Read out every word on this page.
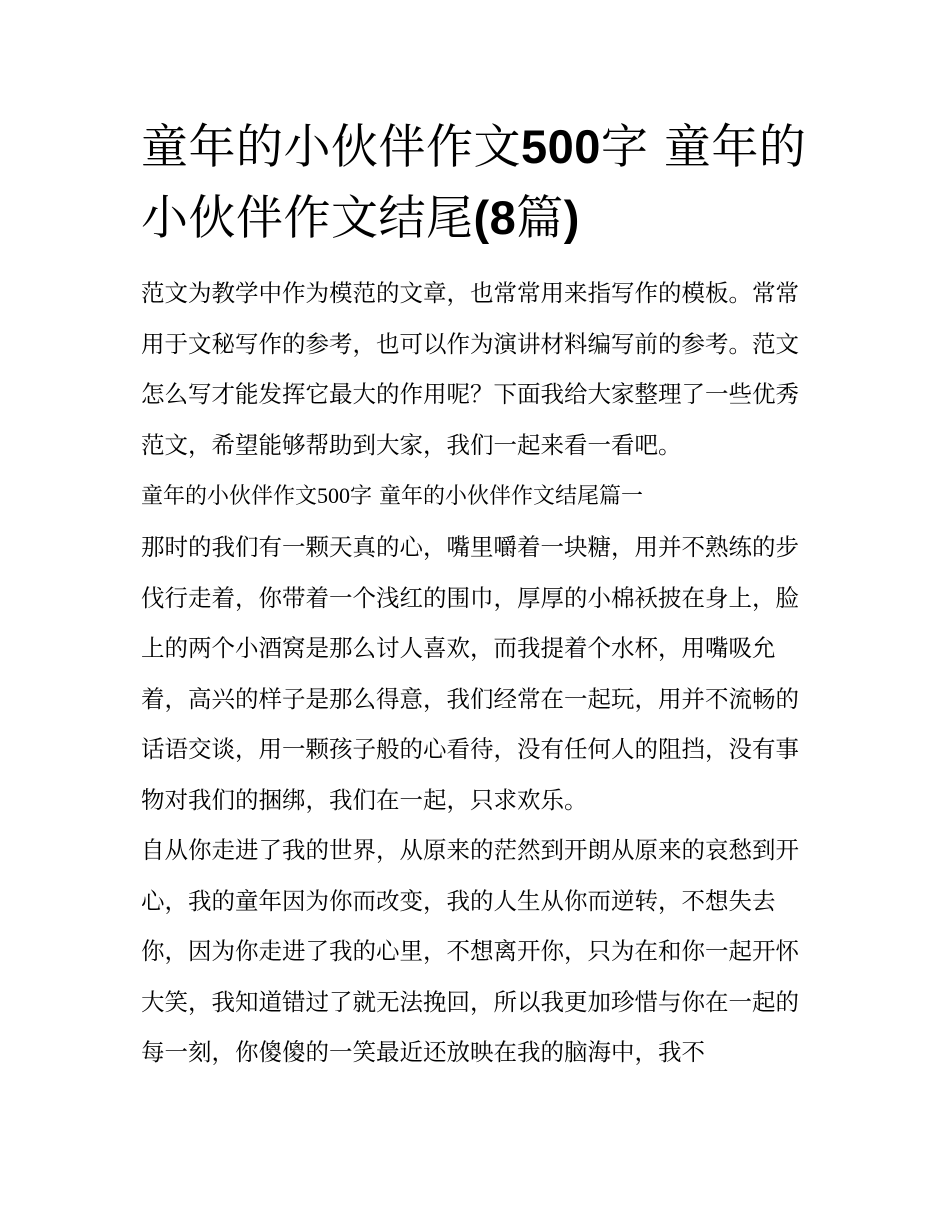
童年的小伙伴作文500字 童年的小伙伴作文结尾(8篇)

范文为教学中作为模范的文章，也常常用来指写作的模板。常常用于文秘写作的参考，也可以作为演讲材料编写前的参考。范文怎么写才能发挥它最大的作用呢？下面我给大家整理了一些优秀范文，希望能够帮助到大家，我们一起来看一看吧。

童年的小伙伴作文500字 童年的小伙伴作文结尾篇一

那时的我们有一颗天真的心，嘴里嚼着一块糖，用并不熟练的步伐行走着，你带着一个浅红的围巾，厚厚的小棉袄披在身上，脸上的两个小酒窝是那么讨人喜欢，而我提着个水杯，用嘴吸允着，高兴的样子是那么得意，我们经常在一起玩，用并不流畅的话语交谈，用一颗孩子般的心看待，没有任何人的阻挡，没有事物对我们的捆绑，我们在一起，只求欢乐。

自从你走进了我的世界，从原来的茫然到开朗从原来的哀愁到开心，我的童年因为你而改变，我的人生从你而逆转，不想失去你，因为你走进了我的心里，不想离开你，只为在和你一起开怀大笑，我知道错过了就无法挽回，所以我更加珍惜与你在一起的每一刻，你傻傻的一笑最近还放映在我的脑海中，我不
